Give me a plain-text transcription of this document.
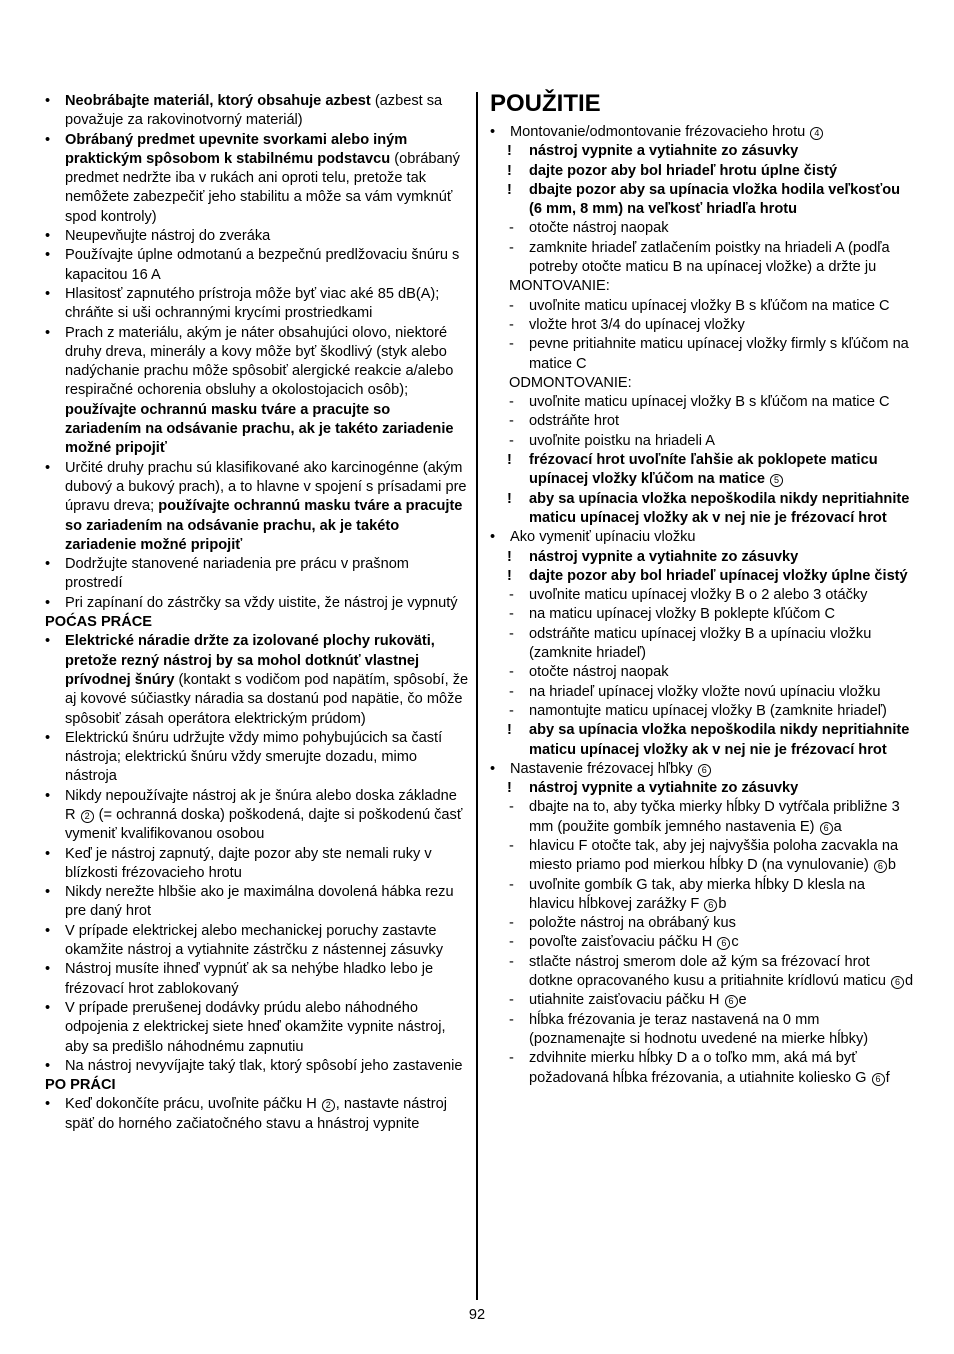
• Neobrábajte materiál, ktorý obsahuje azbest (azbest sa považuje za rakovinotvorný materiál)
• Obrábaný predmet upevnite svorkami alebo iným praktickým spôsobom k stabilnému podstavcu (obrábaný predmet nedržte iba v rukách ani oproti telu, pretože tak nemôžete zabezpečiť jeho stabilitu a môže sa vám vymknúť spod kontroly)
• Neupevňujte nástroj do zveráka
• Používajte úplne odmotanú a bezpečnú predlžovaciu šnúru s kapacitou 16 A
• Hlasitosť zapnutého prístroja môže byť viac aké 85 dB(A); chráňte si uši ochrannými krycími prostriedkami
• Prach z materiálu, akým je náter obsahujúci olovo, niektoré druhy dreva, minerály a kovy môže byť škodlivý (styk alebo nadýchanie prachu môže spôsobiť alergické reakcie a/alebo respiračné ochorenia obsluhy a okolostojacich osôb); používajte ochrannú masku tváre a pracujte so zariadením na odsávanie prachu, ak je takéto zariadenie možné pripojiť
• Určité druhy prachu sú klasifikované ako karcinogénne (akým dubový a bukový prach), a to hlavne v spojení s prísadami pre úpravu dreva; používajte ochrannú masku tváre a pracujte so zariadením na odsávanie prachu, ak je takéto zariadenie možné pripojiť
• Dodržujte stanovené nariadenia pre prácu v prašnom prostredí
• Pri zapínaní do zástrčky sa vždy uistite, že nástroj je vypnutý
POĆAS PRÁCE
• Elektrické náradie držte za izolované plochy rukoväti, pretože rezný nástroj by sa mohol dotknúť vlastnej prívodnej šnúry (kontakt s vodičom pod napätím, spôsobí, že aj kovové súčiastky náradia sa dostanú pod napätie, čo môže spôsobiť zásah operátora elektrickým prúdom)
• Elektrickú šnúru udržujte vždy mimo pohybujúcich sa častí nástroja; elektrickú šnúru vždy smerujte dozadu, mimo nástroja
• Nikdy nepoužívajte nástroj ak je šnúra alebo doska základne R 2 (= ochranná doska) poškodená, dajte si poškodenú časť vymeniť kvalifikovanou osobou
• Keď je nástroj zapnutý, dajte pozor aby ste nemali ruky v blízkosti frézovacieho hrotu
• Nikdy nerežte hlbšie ako je maximálna dovolená hábka rezu pre daný hrot
• V prípade elektrickej alebo mechanickej poruchy zastavte okamžite nástroj a vytiahnite zástrčku z nástennej zásuvky
• Nástroj musíte ihneď vypnúť ak sa nehýbe hladko lebo je frézovací hrot zablokovaný
• V prípade prerušenej dodávky prúdu alebo náhodného odpojenia z elektrickej siete hneď okamžite vypnite nástroj, aby sa predišlo náhodnému zapnutiu
• Na nástroj nevyvíjajte taký tlak, ktorý spôsobí jeho zastavenie
PO PRÁCI
• Keď dokončíte prácu, uvoľnite páčku H 2 , nastavte nástroj späť do horného začiatočného stavu a hnástroj vypnite
POUŽITIE
• Montovanie/odmontovanie frézovacieho hrotu 4
! nástroj vypnite a vytiahnite zo zásuvky
! dajte pozor aby bol hriadeľ hrotu úplne čistý
! dbajte pozor aby sa upínacia vložka hodila veľkosťou (6 mm, 8 mm) na veľkosť hriadľa hrotu
- otočte nástroj naopak
- zamknite hriadeľ zatlačením poistky na hriadeli A (podľa potreby otočte maticu B na upínacej vložke) a držte ju
MONTOVANIE:
- uvoľnite maticu upínacej vložky B s kľúčom na matice C
- vložte hrot 3/4 do upínacej vložky
- pevne pritiahnite maticu upínacej vložky firmly s kľúčom na matice C
ODMONTOVANIE:
- uvoľnite maticu upínacej vložky B s kľúčom na matice C
- odstráňte hrot
- uvoľnite poistku na hriadeli A
! frézovací hrot uvoľníte ľahšie ak poklopete maticu upínacej vložky kľúčom na matice 5
! aby sa upínacia vložka nepoškodila nikdy nepritiahnite maticu upínacej vložky ak v nej nie je frézovací hrot
• Ako vymeniť upínaciu vložku
! nástroj vypnite a vytiahnite zo zásuvky
! dajte pozor aby bol hriadeľ upínacej vložky úplne čistý
- uvoľnite maticu upínacej vložky B o 2 alebo 3 otáčky
- na maticu upínacej vložky B poklepte kľúčom C
- odstráňte maticu upínacej vložky B a upínaciu vložku (zamknite hriadeľ)
- otočte nástroj naopak
- na hriadeľ upínacej vložky vložte novú upínaciu vložku
- namontujte maticu upínacej vložky B (zamknite hriadeľ)
! aby sa upínacia vložka nepoškodila nikdy nepritiahnite maticu upínacej vložky ak v nej nie je frézovací hrot
• Nastavenie frézovacej hľbky 6
! nástroj vypnite a vytiahnite zo zásuvky
- dbajte na to, aby tyčka mierky hĺbky D vytŕčala približne 3 mm (použite gombík jemného nastavenia E) 6 a
- hlavicu F otočte tak, aby jej najvyššia poloha zacvakla na miesto priamo pod mierkou hĺbky D (na vynulovanie) 6 b
- uvoľnite gombík G tak, aby mierka hĺbky D klesla na hlavicu hĺbkovej zarážky F 6 b
- položte nástroj na obrábaný kus
- povoľte zaisťovaciu páčku H 6 c
- stlačte nástroj smerom dole až kým sa frézovací hrot dotkne opracovaného kusu a pritiahnite krídlovú maticu 6 d
- utiahnite zaisťovaciu páčku H 6 e
- hĺbka frézovania je teraz nastavená na 0 mm (poznamenajte si hodnotu uvedené na mierke hĺbky)
- zdvihnite mierku hĺbky D a o toľko mm, aká má byť požadovaná hĺbka frézovania, a utiahnite koliesko G 6 f
92
